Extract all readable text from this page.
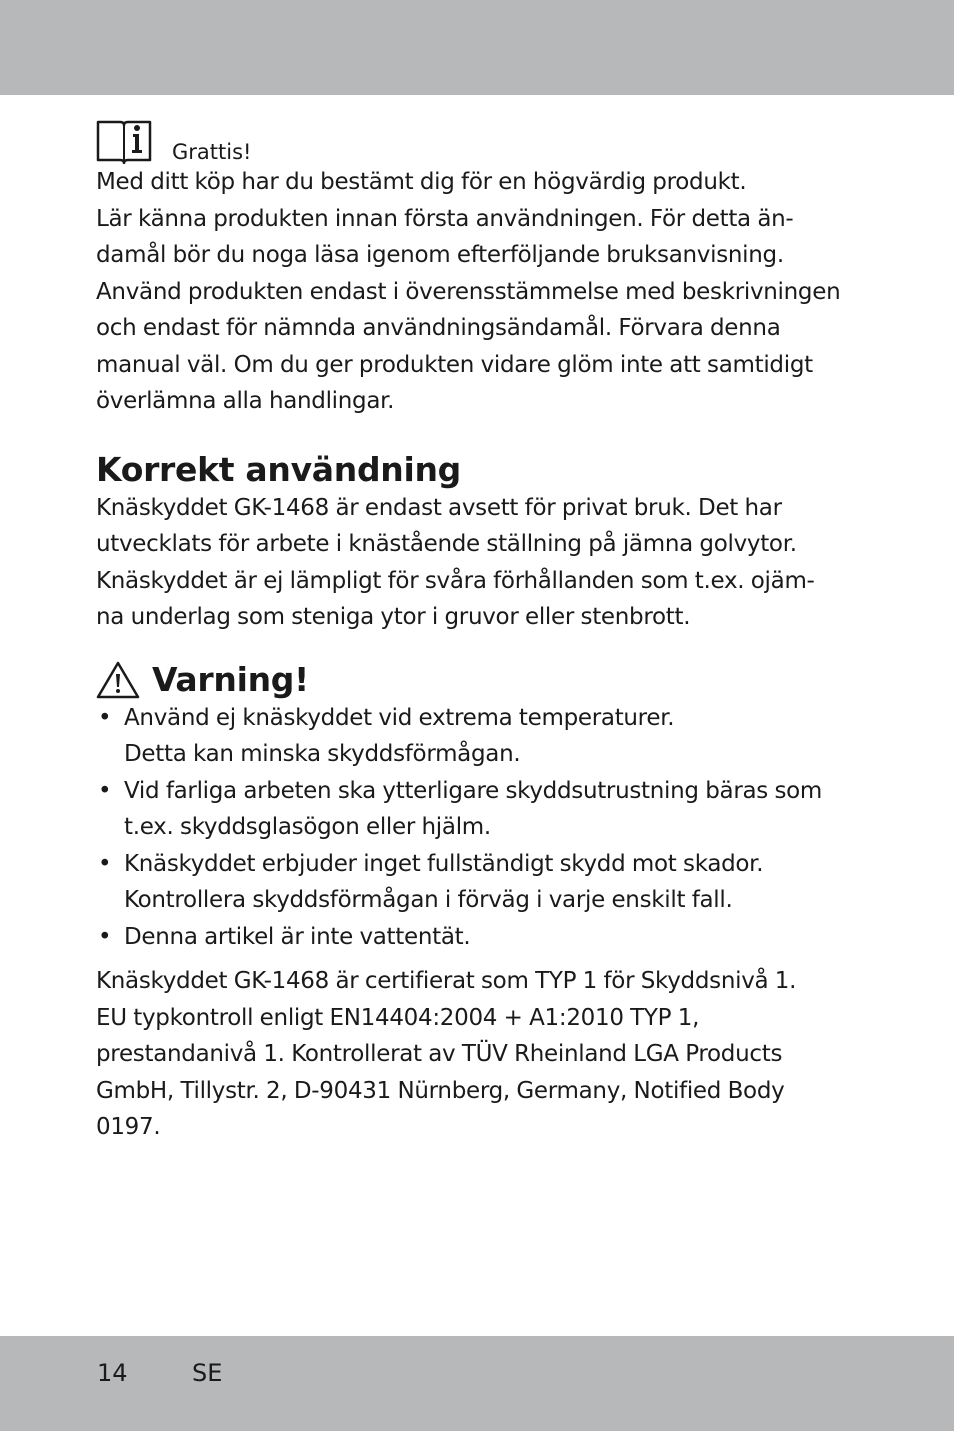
Grattis!

Med ditt köp har du bestämt dig för en högvärdig produkt.
Lär känna produkten innan första användningen. För detta än-
damål bör du noga läsa igenom efterföljande bruksanvisning.
Använd produkten endast i överensstämmelse med beskrivningen
och endast för nämnda användningsändamål. Förvara denna
manual väl. Om du ger produkten vidare glöm inte att samtidigt
överlämna alla handlingar.

Korrekt användning

Knäskyddet GK-1468 är endast avsett för privat bruk. Det har
utvecklats för arbete i knästående ställning på jämna golvytor.
Knäskyddet är ej lämpligt för svåra förhållanden som t.ex. ojäm-
na underlag som steniga ytor i gruvor eller stenbrott.

Varning!
• Använd ej knäskyddet vid extrema temperaturer.
Detta kan minska skyddsförmågan.
• Vid farliga arbeten ska ytterligare skyddsutrustning bäras som
t.ex. skyddsglasögon eller hjälm.
• Knäskyddet erbjuder inget fullständigt skydd mot skador.
Kontrollera skyddsförmågan i förväg i varje enskilt fall.
• Denna artikel är inte vattentät.

Knäskyddet GK-1468 är certifierat som TYP 1 för Skyddsnivå 1.
EU typkontroll enligt EN14404:2004 + A1:2010 TYP 1,
prestandanivå 1. Kontrollerat av TÜV Rheinland LGA Products
GmbH, Tillystr. 2, D-90431 Nürnberg, Germany, Notified Body
0197.

14	SE
